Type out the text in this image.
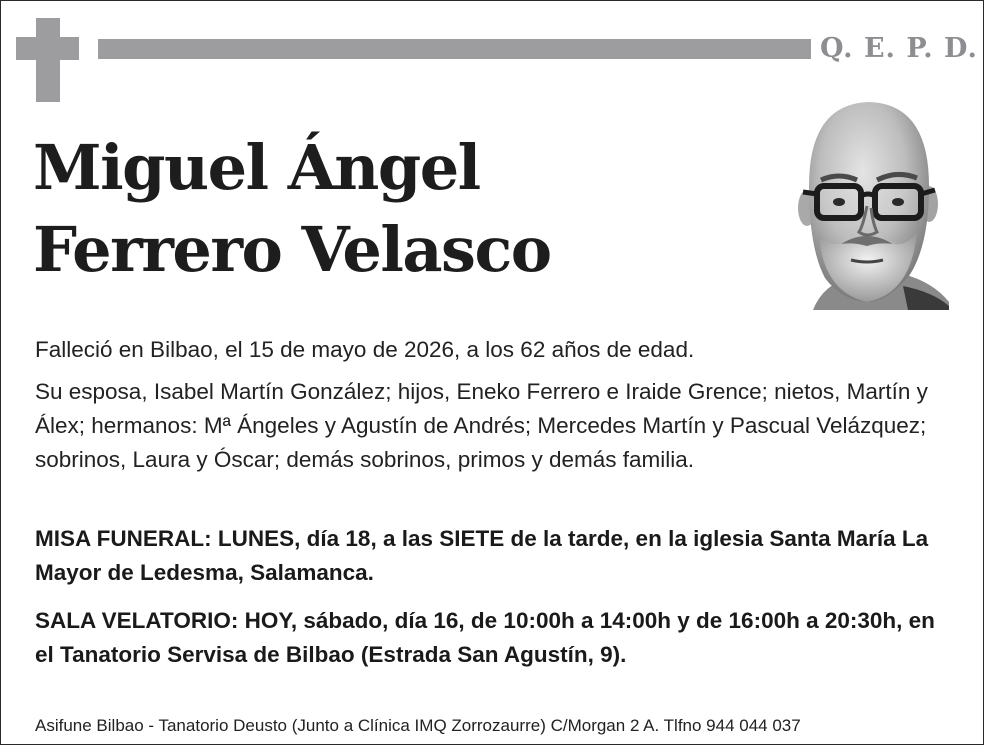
Q. E. P. D.
Miguel Ángel
Ferrero Velasco

Falleció en Bilbao, el 15 de mayo de 2026, a los 62 años de edad.

Su esposa, Isabel Martín González; hijos, Eneko Ferrero e Iraide Grence; nietos, Martín y Álex; hermanos: Mª Ángeles y Agustín de Andrés; Mercedes Martín y Pascual Velázquez; sobrinos, Laura y Óscar; demás sobrinos, primos y demás familia.

MISA FUNERAL: LUNES, día 18, a las SIETE de la tarde, en la iglesia Santa María La Mayor de Ledesma, Salamanca.

SALA VELATORIO: HOY, sábado, día 16, de 10:00h a 14:00h y de 16:00h a 20:30h, en el Tanatorio Servisa de Bilbao (Estrada San Agustín, 9).

Asifune Bilbao - Tanatorio Deusto (Junto a Clínica IMQ Zorrozaurre) C/Morgan 2 A. Tlfno 944 044 037
